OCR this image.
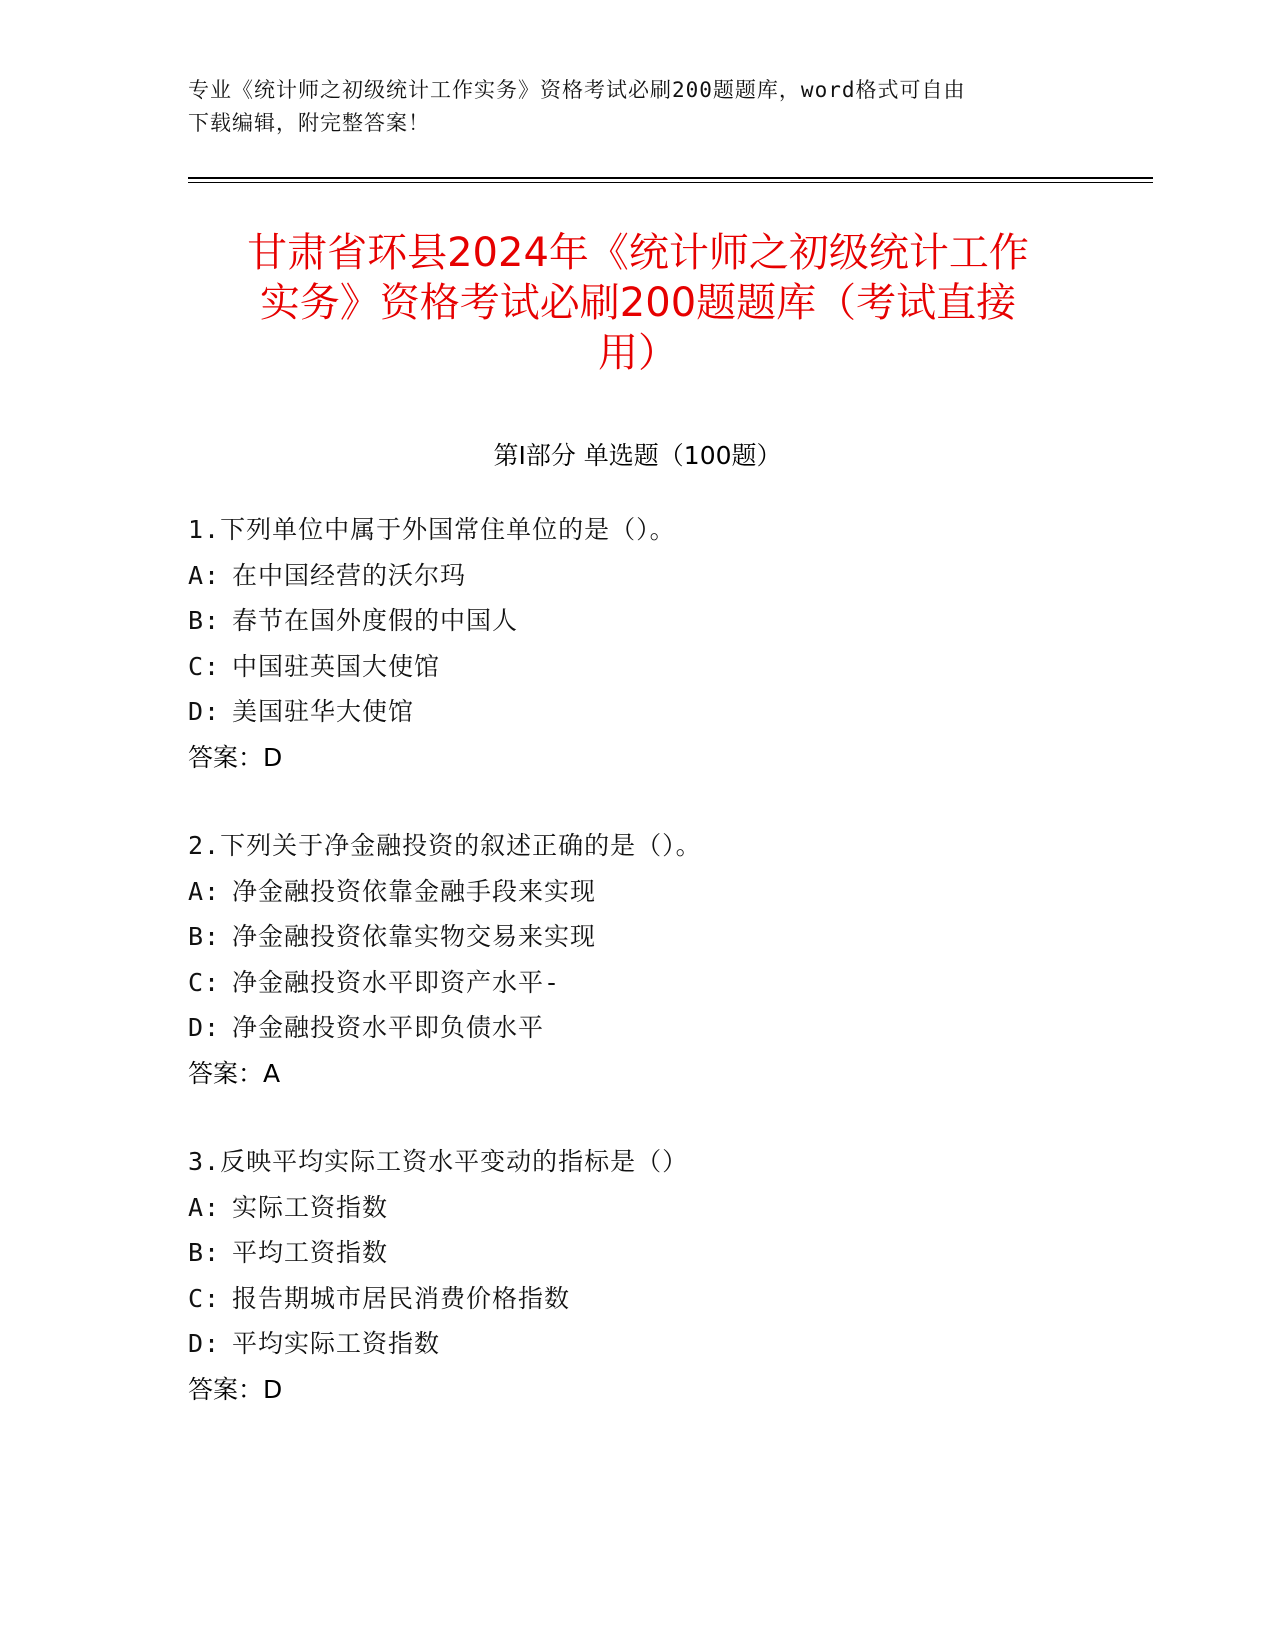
专业《统计师之初级统计工作实务》资格考试必刷200题题库，word格式可自由
下载编辑，附完整答案！
甘肃省环县2024年《统计师之初级统计工作
实务》资格考试必刷200题题库（考试直接
用）
第Ⅰ部分 单选题（100题）
1.下列单位中属于外国常住单位的是（）。
A: 在中国经营的沃尔玛
B: 春节在国外度假的中国人
C: 中国驻英国大使馆
D: 美国驻华大使馆
答案：D
2.下列关于净金融投资的叙述正确的是（）。
A: 净金融投资依靠金融手段来实现
B: 净金融投资依靠实物交易来实现
C: 净金融投资水平即资产水平-
D: 净金融投资水平即负债水平
答案：A
3.反映平均实际工资水平变动的指标是（）
A: 实际工资指数
B: 平均工资指数
C: 报告期城市居民消费价格指数
D: 平均实际工资指数
答案：D
